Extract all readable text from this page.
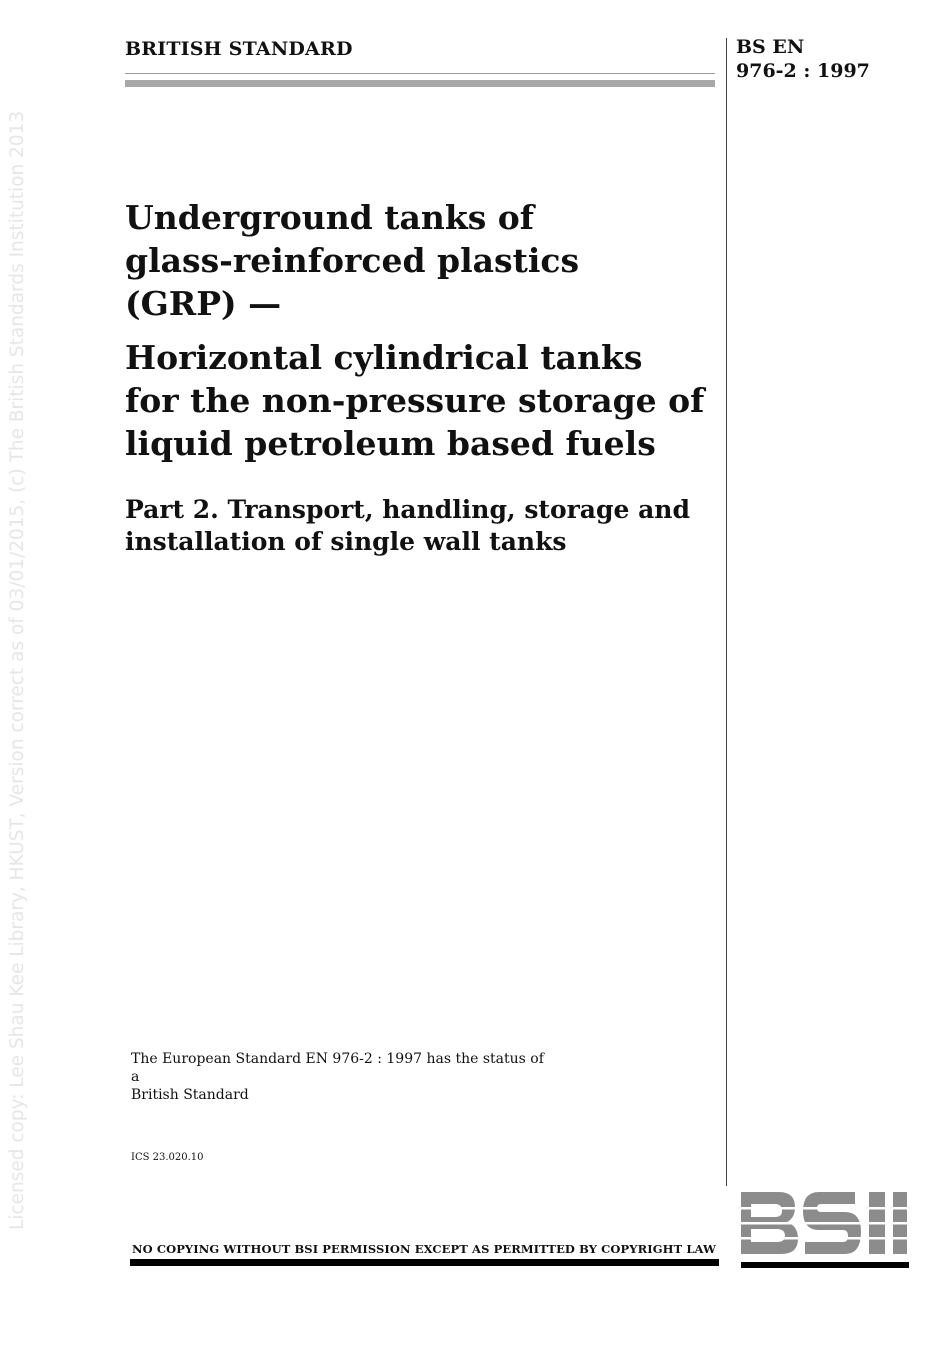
Licensed copy: Lee Shau Kee Library, HKUST, Version correct as of 03/01/2015, (c) The British Standards Institution 2013
BRITISH STANDARD	BS EN
976-2 : 1997
Underground tanks of
glass-reinforced plastics
(GRP) —
Horizontal cylindrical tanks
for the non-pressure storage of
liquid petroleum based fuels
Part 2. Transport, handling, storage and
installation of single wall tanks
The European Standard EN 976-2 : 1997 has the status of a
British Standard
ICS 23.020.10
NO COPYING WITHOUT BSI PERMISSION EXCEPT AS PERMITTED BY COPYRIGHT LAW
